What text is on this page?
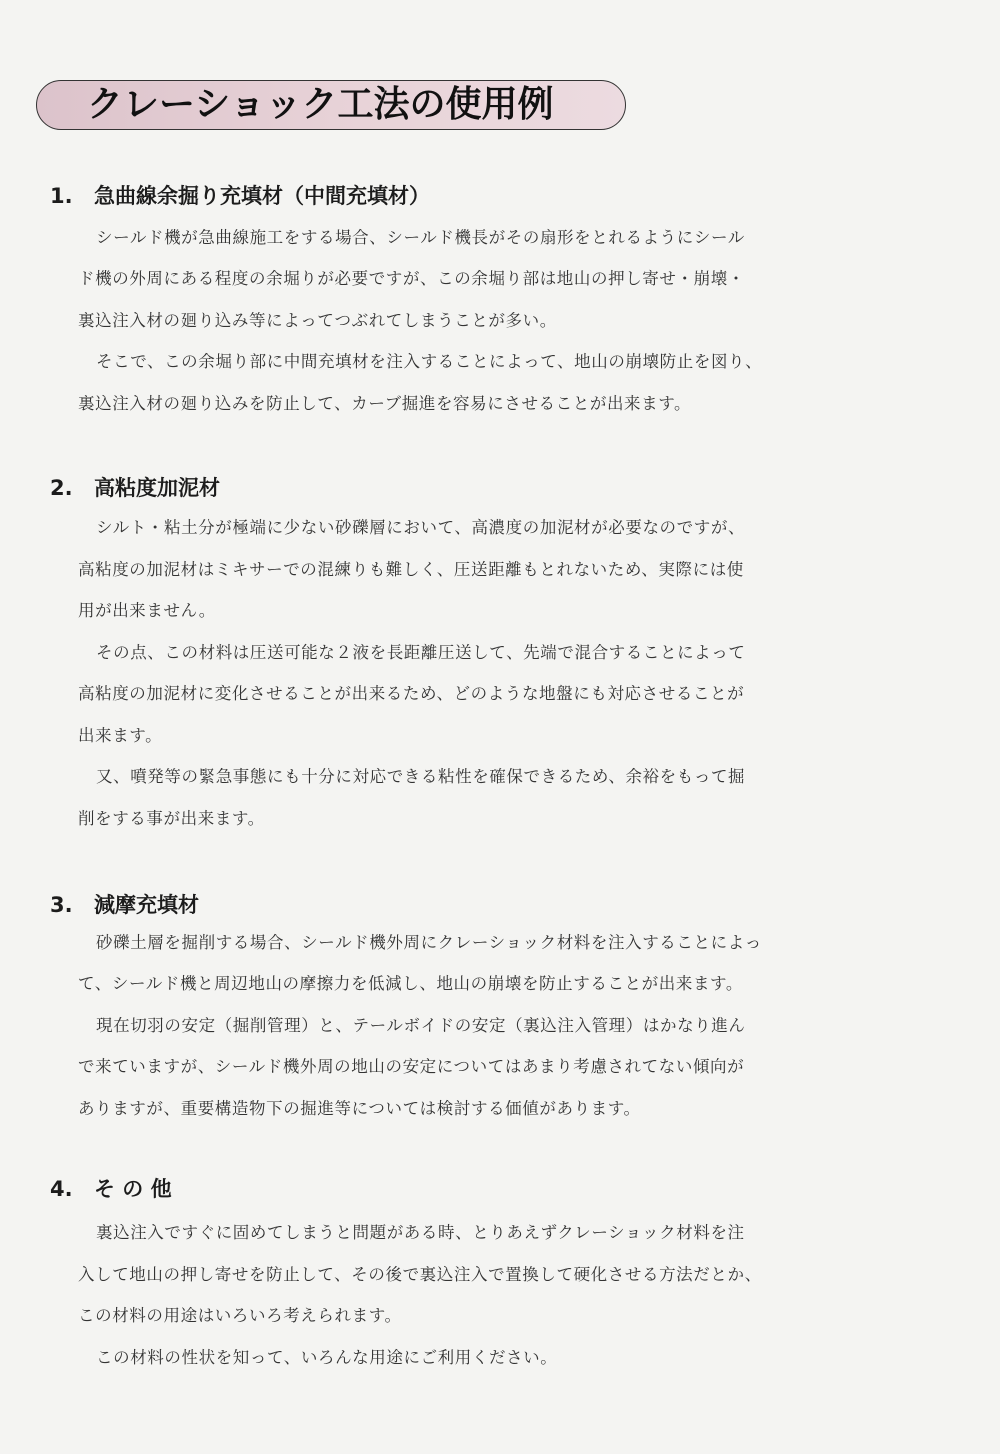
クレーショック工法の使用例
1. 急曲線余掘り充填材（中間充填材）
シールド機が急曲線施工をする場合、シールド機長がその扇形をとれるようにシール
ド機の外周にある程度の余堀りが必要ですが、この余堀り部は地山の押し寄せ・崩壊・
裏込注入材の廻り込み等によってつぶれてしまうことが多い。
そこで、この余堀り部に中間充填材を注入することによって、地山の崩壊防止を図り、
裏込注入材の廻り込みを防止して、カーブ掘進を容易にさせることが出来ます。
2. 高粘度加泥材
シルト・粘土分が極端に少ない砂礫層において、高濃度の加泥材が必要なのですが、
高粘度の加泥材はミキサーでの混練りも難しく、圧送距離もとれないため、実際には使
用が出来ません。
その点、この材料は圧送可能な２液を長距離圧送して、先端で混合することによって
高粘度の加泥材に変化させることが出来るため、どのような地盤にも対応させることが
出来ます。
又、噴発等の緊急事態にも十分に対応できる粘性を確保できるため、余裕をもって掘
削をする事が出来ます。
3. 減摩充填材
砂礫土層を掘削する場合、シールド機外周にクレーショック材料を注入することによっ
て、シールド機と周辺地山の摩擦力を低減し、地山の崩壊を防止することが出来ます。
現在切羽の安定（掘削管理）と、テールボイドの安定（裏込注入管理）はかなり進ん
で来ていますが、シールド機外周の地山の安定についてはあまり考慮されてない傾向が
ありますが、重要構造物下の掘進等については検討する価値があります。
4. そ の 他
裏込注入ですぐに固めてしまうと問題がある時、とりあえずクレーショック材料を注
入して地山の押し寄せを防止して、その後で裏込注入で置換して硬化させる方法だとか、
この材料の用途はいろいろ考えられます。
この材料の性状を知って、いろんな用途にご利用ください。
